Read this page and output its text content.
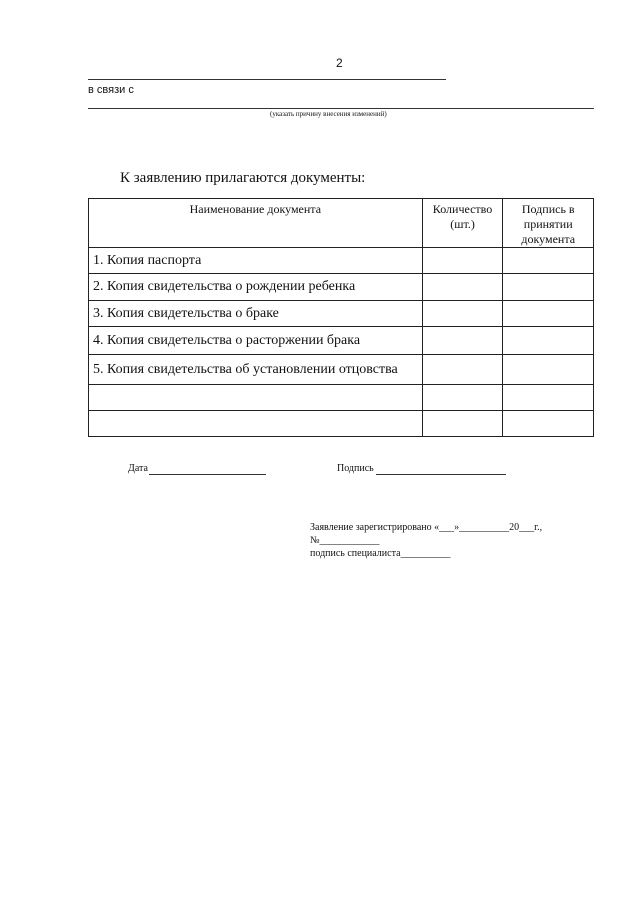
2
в связи с
(указать причину внесения изменений)
К заявлению прилагаются документы:
Наименование документа	Количество (шт.)	Подпись в принятии документа
1. Копия паспорта		
2. Копия свидетельства о рождении ребенка		
3. Копия свидетельства о браке		
4. Копия свидетельства о расторжении брака		
5. Копия свидетельства об установлении отцовства		

Дата	Подпись
Заявление зарегистрировано «___»__________20___г.,
№____________
подпись специалиста__________
